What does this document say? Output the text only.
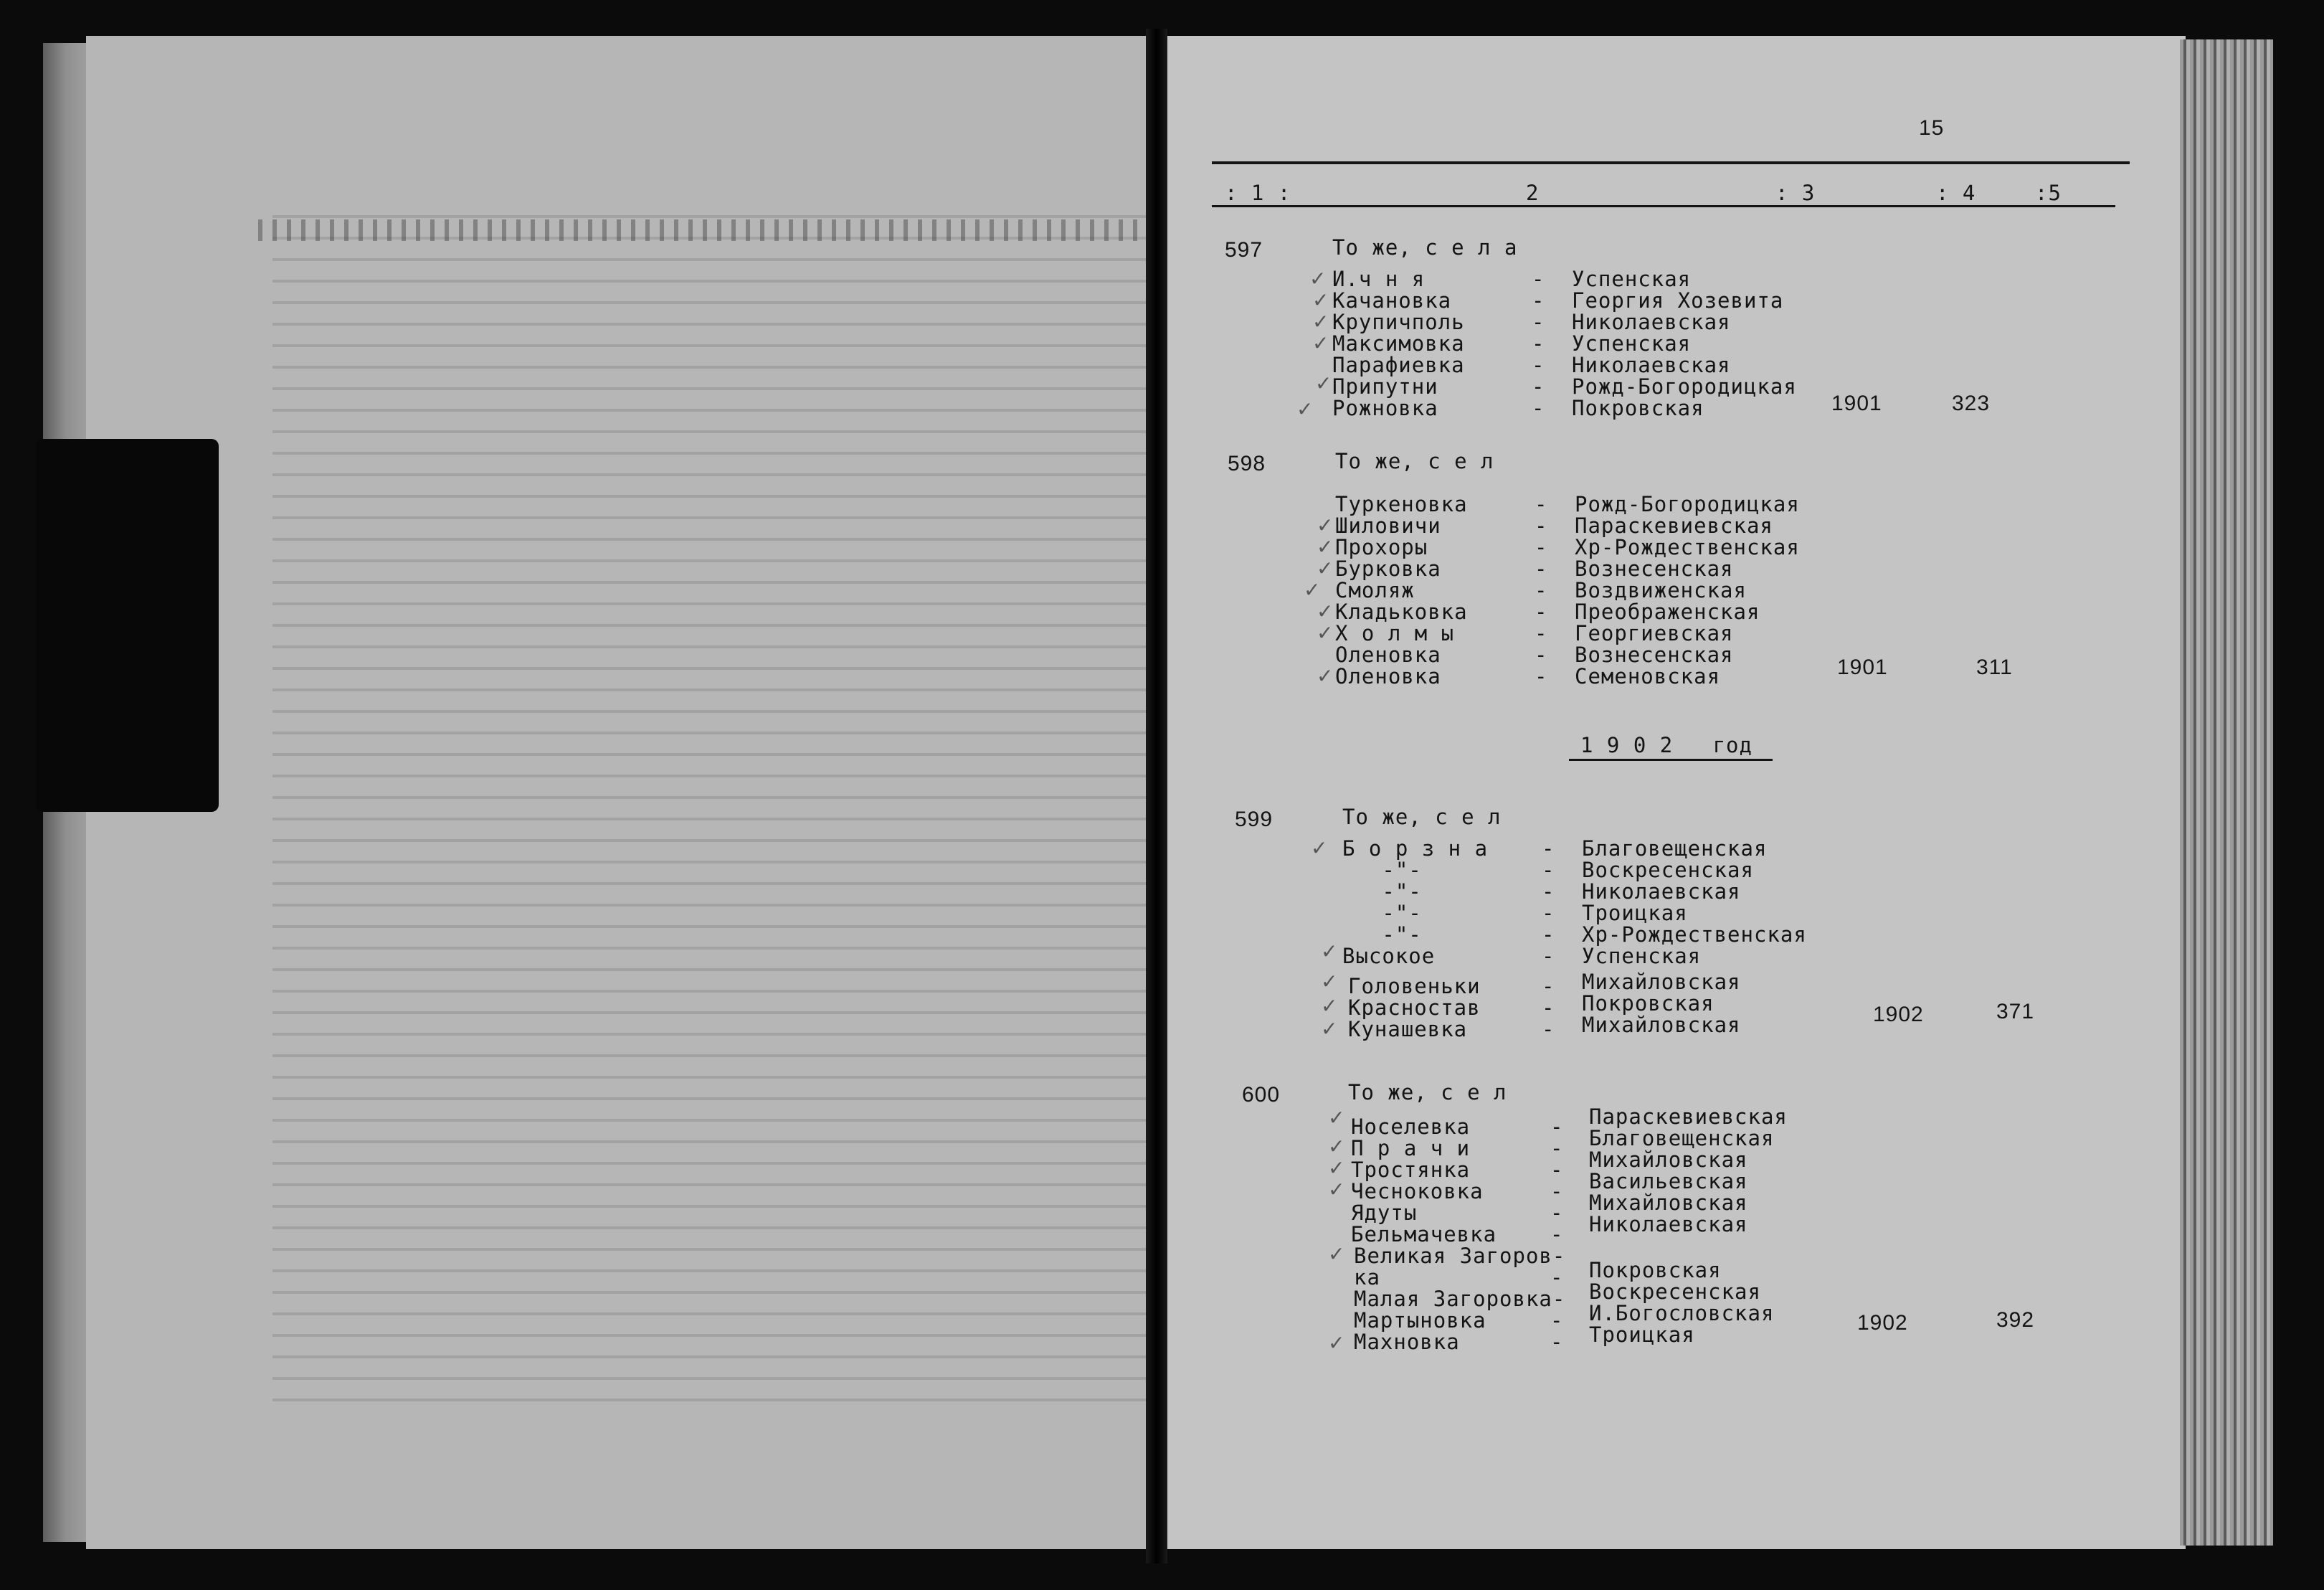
15
: 1 :	2	: 3	: 4	:5
597	То же, с е л а
И.ч н я	- Успенская
Качановка	- Георгия Хозевита
Крупичполь	- Николаевская
Максимовка	- Успенская
Парафиевка	- Николаевская
Припутни	- Рожд-Богородицкая
Рожновка	- Покровская	1901	323
598	То же, с е л
Туркеновка	- Рожд-Богородицкая
Шиловичи	- Параскевиевская
Прохоры	- Хр-Рождественская
Бурковка	- Вознесенская
Смоляж	- Воздвиженская
Кладьковка	- Преображенская
Х о л м ы	- Георгиевская
Оленовка	- Вознесенская
Оленовка	- Семеновская	1901	311
1 9 0 2   год
599	То же, с е л
Б о р з н а	- Благовещенская
-"-	- Воскресенская
-"-	- Николаевская
-"-	- Троицкая
-"-	- Хр-Рождественская
Высокое	- Успенская
Головеньки	- Михайловская
Красностав	- Покровская
Кунашевка	- Михайловская	1902	371
600	То же, с е л
Носелевка	- Параскевиевская
П р а ч и	- Благовещенская
Тростянка	- Михайловская
Чесноковка	- Васильевская
Ядуты	- Михайловская
Бельмачевка	- Николаевская
Великая Загоров-
ка	- Покровская
Малая Загоровка- Воскресенская
Мартыновка	- И.Богословская
Махновка	- Троицкая	1902	392
✓
✓
✓
✓
✓
✓
✓
✓
✓
✓
✓
✓
✓
✓
✓
✓
✓
✓
✓
✓
✓
✓
✓
✓
